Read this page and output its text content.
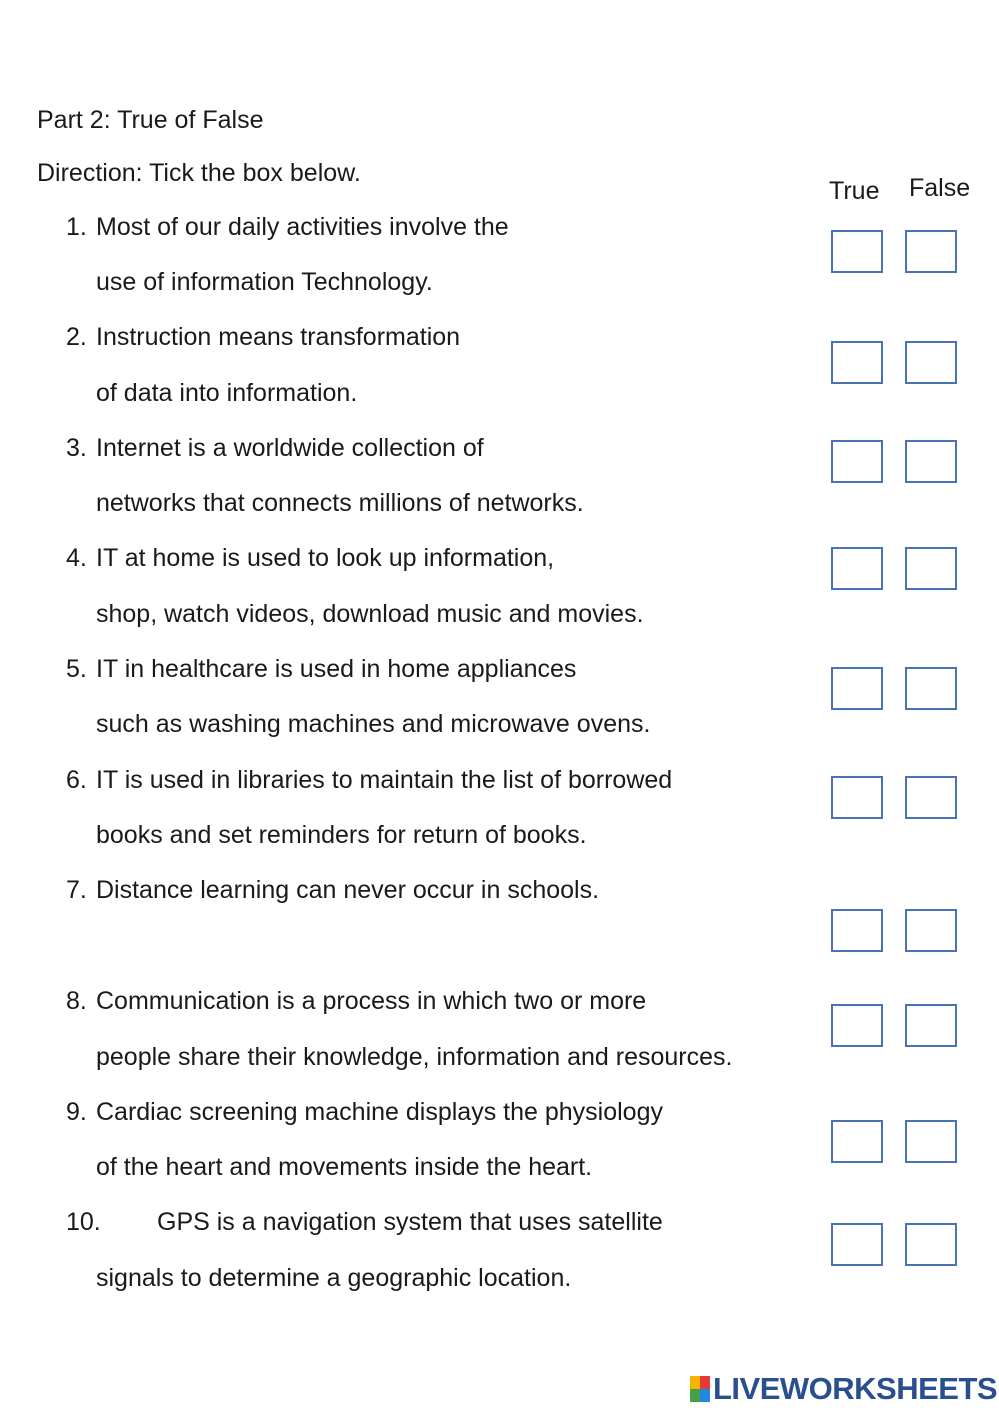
Part 2: True of False
Direction: Tick the box below.
True False
1. Most of our daily activities involve the
use of information Technology.
2. Instruction means transformation
of data into information.
3. Internet is a worldwide collection of
networks that connects millions of networks.
4. IT at home is used to look up information,
shop, watch videos, download music and movies.
5. IT in healthcare is used in home appliances
such as washing machines and microwave ovens.
6. IT is used in libraries to maintain the list of borrowed
books and set reminders for return of books.
7. Distance learning can never occur in schools.
8. Communication is a process in which two or more
people share their knowledge, information and resources.
9. Cardiac screening machine displays the physiology
of the heart and movements inside the heart.
10. GPS is a navigation system that uses satellite
signals to determine a geographic location.
LIVEWORKSHEETS
